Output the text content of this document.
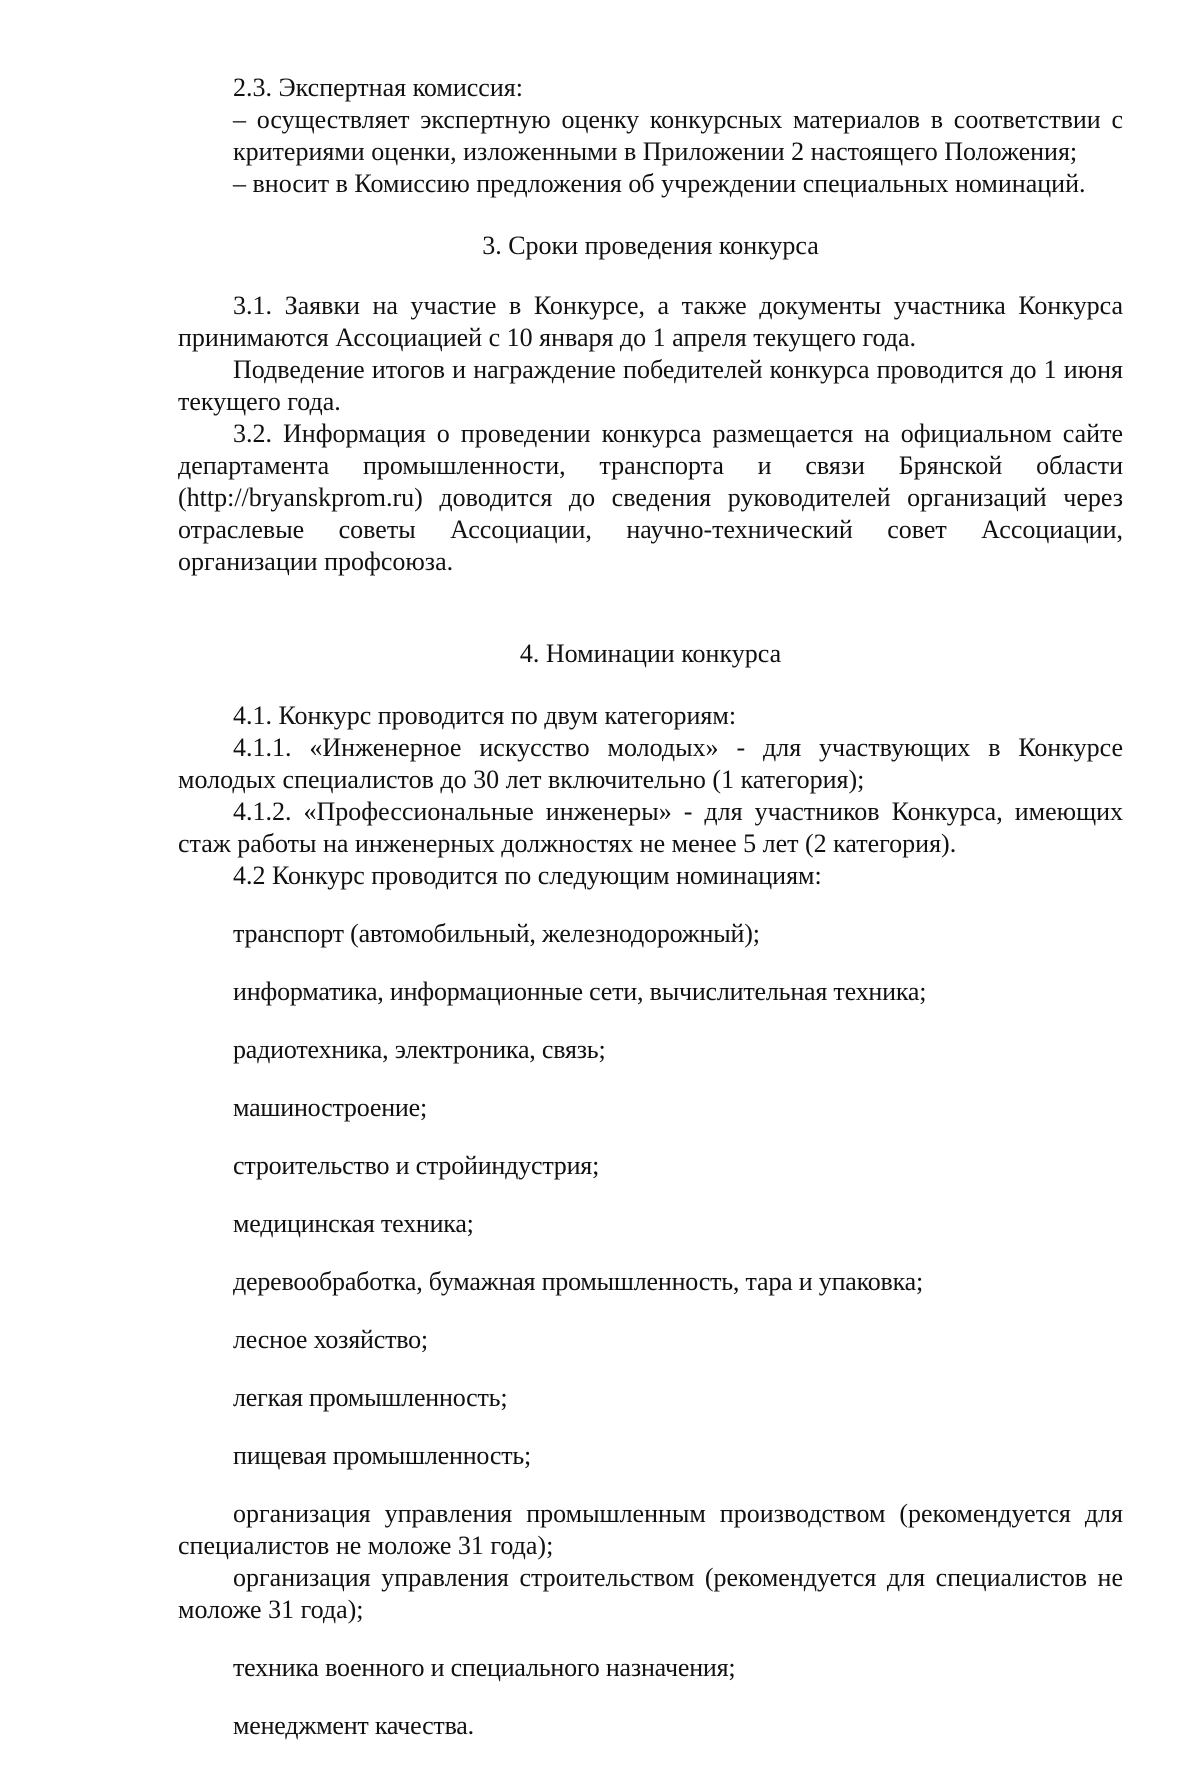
2.3. Экспертная комиссия:

– осуществляет экспертную оценку конкурсных материалов в соответствии с критериями оценки, изложенными в Приложении 2 настоящего Положения;

– вносит в Комиссию предложения об учреждении специальных номинаций.

3. Сроки проведения конкурса

3.1. Заявки на участие в Конкурсе, а также документы участника Конкурса принимаются Ассоциацией с 10 января до 1 апреля текущего года.

Подведение итогов и награждение победителей конкурса проводится до 1 июня текущего года.

3.2. Информация о проведении конкурса размещается на официальном сайте департамента промышленности, транспорта и связи Брянской области (http://bryanskprom.ru) доводится до сведения руководителей организаций через отраслевые советы Ассоциации, научно-технический совет Ассоциации, организации профсоюза.

4. Номинации конкурса

4.1. Конкурс проводится по двум категориям:

4.1.1. «Инженерное искусство молодых» - для участвующих в Конкурсе молодых специалистов до 30 лет включительно (1 категория);

4.1.2. «Профессиональные инженеры» - для участников Конкурса, имеющих стаж работы на инженерных должностях не менее 5 лет (2 категория).

4.2 Конкурс проводится по следующим номинациям:

транспорт (автомобильный, железнодорожный);

информатика, информационные сети, вычислительная техника;

радиотехника, электроника, связь;

машиностроение;

строительство и стройиндустрия;

медицинская техника;

деревообработка, бумажная промышленность, тара и упаковка;

лесное хозяйство;

легкая промышленность;

пищевая промышленность;

организация управления промышленным производством (рекомендуется для специалистов не моложе 31 года);

организация управления строительством (рекомендуется для специалистов не моложе 31 года);

техника военного и специального назначения;

менеджмент качества.
